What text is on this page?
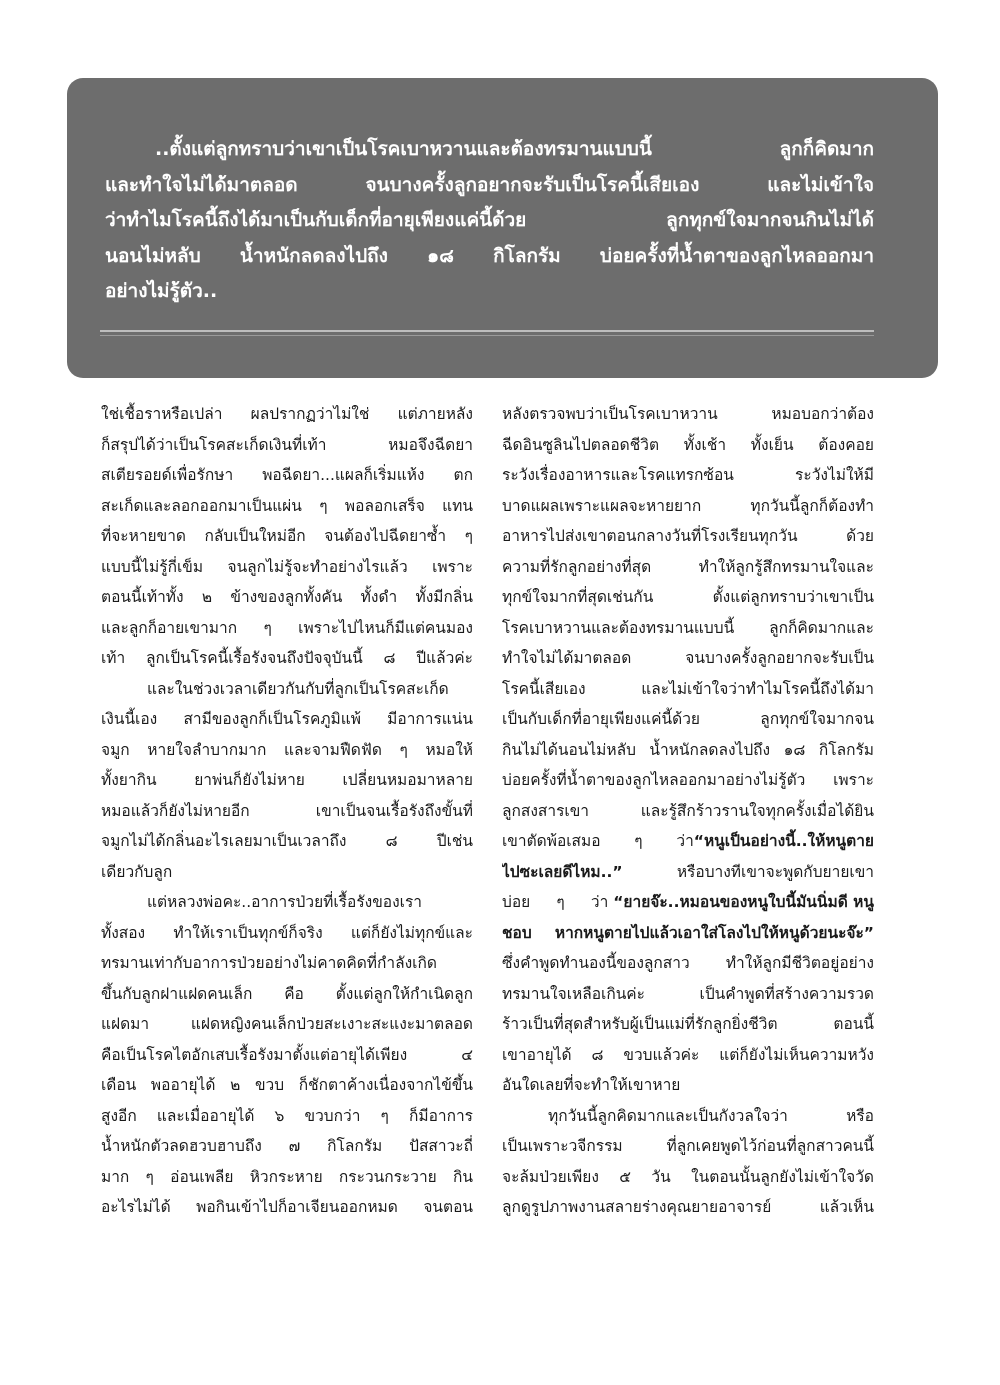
..ตั้งแต่ลูกทราบว่าเขาเป็นโรคเบาหวานและต้องทรมานแบบนี้ ลูกก็คิดมาก
และทำใจไม่ได้มาตลอด จนบางครั้งลูกอยากจะรับเป็นโรคนี้เสียเอง และไม่เข้าใจ
ว่าทำไมโรคนี้ถึงได้มาเป็นกับเด็กที่อายุเพียงแค่นี้ด้วย ลูกทุกข์ใจมากจนกินไม่ได้
นอนไม่หลับ น้ำหนักลดลงไปถึง ๑๘ กิโลกรัม บ่อยครั้งที่น้ำตาของลูกไหลออกมา
อย่างไม่รู้ตัว..

ใช่เชื้อราหรือเปล่า ผลปรากฏว่าไม่ใช่ แต่ภายหลัง
ก็สรุปได้ว่าเป็นโรคสะเก็ดเงินที่เท้า หมอจึงฉีดยา
สเตียรอยด์เพื่อรักษา พอฉีดยา...แผลก็เริ่มแห้ง ตก
สะเก็ดและลอกออกมาเป็นแผ่น ๆ พอลอกเสร็จ แทน
ที่จะหายขาด กลับเป็นใหม่อีก จนต้องไปฉีดยาซ้ำ ๆ
แบบนี้ไม่รู้กี่เข็ม จนลูกไม่รู้จะทำอย่างไรแล้ว เพราะ
ตอนนี้เท้าทั้ง ๒ ข้างของลูกทั้งคัน ทั้งดำ ทั้งมีกลิ่น
และลูกก็อายเขามาก ๆ เพราะไปไหนก็มีแต่คนมอง
เท้า ลูกเป็นโรคนี้เรื้อรังจนถึงปัจจุบันนี้ ๘ ปีแล้วค่ะ

และในช่วงเวลาเดียวกันกับที่ลูกเป็นโรคสะเก็ด
เงินนี้เอง สามีของลูกก็เป็นโรคภูมิแพ้ มีอาการแน่น
จมูก หายใจลำบากมาก และจามฟืดฟัด ๆ หมอให้
ทั้งยากิน ยาพ่นก็ยังไม่หาย เปลี่ยนหมอมาหลาย
หมอแล้วก็ยังไม่หายอีก เขาเป็นจนเรื้อรังถึงขั้นที่
จมูกไม่ได้กลิ่นอะไรเลยมาเป็นเวลาถึง ๘ ปีเช่น
เดียวกับลูก

แต่หลวงพ่อคะ..อาการป่วยที่เรื้อรังของเรา
ทั้งสอง ทำให้เราเป็นทุกข์ก็จริง แต่ก็ยังไม่ทุกข์และ
ทรมานเท่ากับอาการป่วยอย่างไม่คาดคิดที่กำลังเกิด
ขึ้นกับลูกฝาแฝดคนเล็ก คือ ตั้งแต่ลูกให้กำเนิดลูก
แฝดมา แฝดหญิงคนเล็กป่วยสะเงาะสะแงะมาตลอด
คือเป็นโรคไตอักเสบเรื้อรังมาตั้งแต่อายุได้เพียง ๔
เดือน พออายุได้ ๒ ขวบ ก็ชักตาค้างเนื่องจากไข้ขึ้น
สูงอีก และเมื่ออายุได้ ๖ ขวบกว่า ๆ ก็มีอาการ
น้ำหนักตัวลดฮวบฮาบถึง ๗ กิโลกรัม ปัสสาวะถี่
มาก ๆ อ่อนเพลีย หิวกระหาย กระวนกระวาย กิน
อะไรไม่ได้ พอกินเข้าไปก็อาเจียนออกหมด จนตอน

หลังตรวจพบว่าเป็นโรคเบาหวาน หมอบอกว่าต้อง
ฉีดอินซูลินไปตลอดชีวิต ทั้งเช้า ทั้งเย็น ต้องคอย
ระวังเรื่องอาหารและโรคแทรกซ้อน ระวังไม่ให้มี
บาดแผลเพราะแผลจะหายยาก ทุกวันนี้ลูกก็ต้องทำ
อาหารไปส่งเขาตอนกลางวันที่โรงเรียนทุกวัน ด้วย
ความที่รักลูกอย่างที่สุด ทำให้ลูกรู้สึกทรมานใจและ
ทุกข์ใจมากที่สุดเช่นกัน ตั้งแต่ลูกทราบว่าเขาเป็น
โรคเบาหวานและต้องทรมานแบบนี้ ลูกก็คิดมากและ
ทำใจไม่ได้มาตลอด จนบางครั้งลูกอยากจะรับเป็น
โรคนี้เสียเอง และไม่เข้าใจว่าทำไมโรคนี้ถึงได้มา
เป็นกับเด็กที่อายุเพียงแค่นี้ด้วย ลูกทุกข์ใจมากจน
กินไม่ได้นอนไม่หลับ น้ำหนักลดลงไปถึง ๑๘ กิโลกรัม
บ่อยครั้งที่น้ำตาของลูกไหลออกมาอย่างไม่รู้ตัว เพราะ
ลูกสงสารเขา และรู้สึกร้าวรานใจทุกครั้งเมื่อได้ยิน
เขาตัดพ้อเสมอ ๆ ว่า “หนูเป็นอย่างนี้..ให้หนูตาย
ไปซะเลยดีไหม..”	หรือบางทีเขาจะพูดกับยายเขา
บ่อย ๆ ว่า “ยายจ๊ะ..หมอนของหนูใบนี้มันนิ่มดี หนู
ชอบ หากหนูตายไปแล้วเอาใส่โลงไปให้หนูด้วยนะจ๊ะ”
ซึ่งคำพูดทำนองนี้ของลูกสาว ทำให้ลูกมีชีวิตอยู่อย่าง
ทรมานใจเหลือเกินค่ะ เป็นคำพูดที่สร้างความรวด
ร้าวเป็นที่สุดสำหรับผู้เป็นแม่ที่รักลูกยิ่งชีวิต ตอนนี้
เขาอายุได้ ๘ ขวบแล้วค่ะ แต่ก็ยังไม่เห็นความหวัง
อันใดเลยที่จะทำให้เขาหาย

ทุกวันนี้ลูกคิดมากและเป็นกังวลใจว่า หรือ
เป็นเพราะวจีกรรม ที่ลูกเคยพูดไว้ก่อนที่ลูกสาวคนนี้
จะล้มป่วยเพียง ๕ วัน ในตอนนั้นลูกยังไม่เข้าใจวัด
ลูกดูรูปภาพงานสลายร่างคุณยายอาจารย์ แล้วเห็น
